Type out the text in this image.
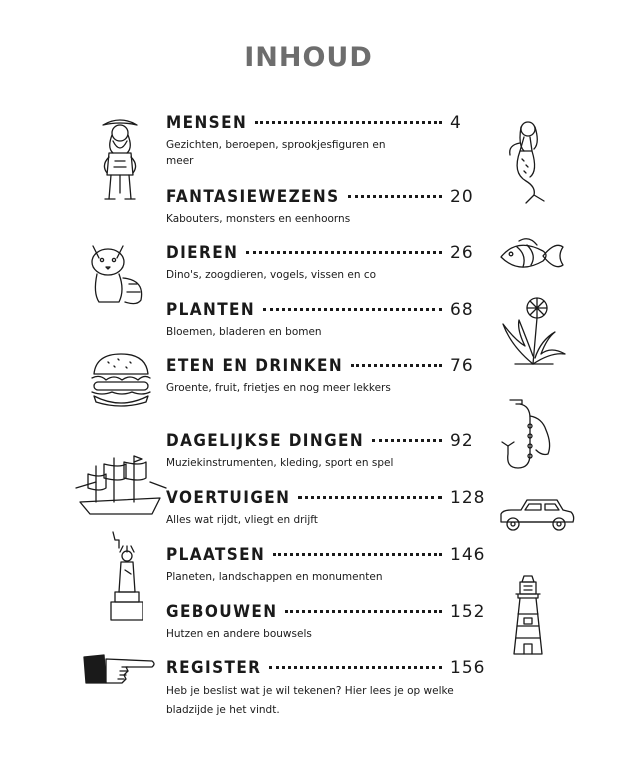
INHOUD
MENSEN	4
Gezichten, beroepen, sprookjesfiguren en meer
FANTASIEWEZENS	20
Kabouters, monsters en eenhoorns
DIEREN	26
Dino's, zoogdieren, vogels, vissen en co
PLANTEN	68
Bloemen, bladeren en bomen
ETEN EN DRINKEN	76
Groente, fruit, frietjes en nog meer lekkers
DAGELIJKSE DINGEN	92
Muziekinstrumenten, kleding, sport en spel
VOERTUIGEN	128
Alles wat rijdt, vliegt en drijft
PLAATSEN	146
Planeten, landschappen en monumenten
GEBOUWEN	152
Hutzen en andere bouwsels
REGISTER	156
Heb je beslist wat je wil tekenen? Hier lees je op welke bladzijde je het vindt.
